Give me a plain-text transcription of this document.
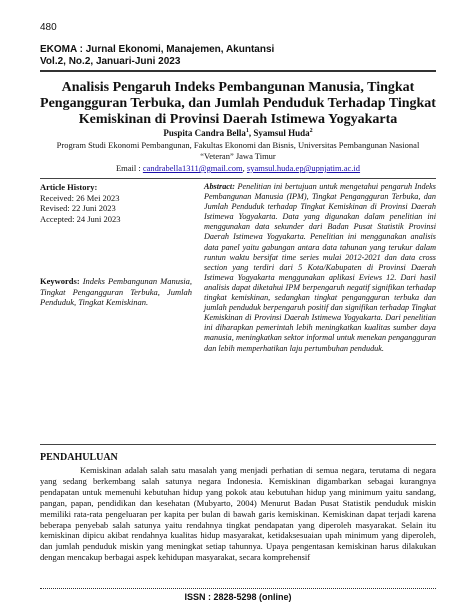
480
EKOMA : Jurnal Ekonomi, Manajemen, Akuntansi
Vol.2, No.2, Januari-Juni 2023
Analisis Pengaruh Indeks Pembangunan Manusia, Tingkat Pengangguran Terbuka, dan Jumlah Penduduk Terhadap Tingkat Kemiskinan di Provinsi Daerah Istimewa Yogyakarta
Puspita Candra Bella$^1$, Syamsul Huda$^2$
Program Studi Ekonomi Pembangunan, Fakultas Ekonomi dan Bisnis, Universitas Pembangunan Nasional “Veteran” Jawa Timur
Email : candrabella1311@gmail.com, syamsul.huda.ep@upnjatim.ac.id
Article History:
Received: 26 Mei 2023
Revised: 22 Juni 2023
Accepted: 24 Juni 2023
Keywords: Indeks Pembangunan Manusia, Tingkat Pengangguran Terbuka, Jumlah Penduduk, Tingkat Kemiskinan.
Abstract: Penelitian ini bertujuan untuk mengetahui pengaruh Indeks Pembangunan Manusia (IPM), Tingkat Pengangguran Terbuka, dan Jumlah Penduduk terhadap Tingkat Kemiskinan di Provinsi Daerah Istimewa Yogyakarta. Data yang digunakan dalam penelitian ini menggunakan data sekunder dari Badan Pusat Statistik Provinsi Daerah Istimewa Yogyakarta. Penelitian ini menggunakan analisis data panel yaitu gabungan antara data tahunan yang terukur dalam runtun waktu bersifat time series mulai 2012-2021 dan data cross section yang terdiri dari 5 Kota/Kabupaten di Provinsi Daerah Istimewa Yogyakarta menggunakan aplikasi Eviews 12. Dari hasil analisis dapat diketahui IPM berpengaruh negatif signifikan terhadap tingkat kemiskinan, sedangkan tingkat pengangguran terbuka dan jumlah penduduk berpengaruh positif dan signifikan terhadap Tingkat Kemiskinan di Provinsi Daerah Istimewa Yogyakarta. Dari penelitian ini diharapkan pemerintah lebih meningkatkan kualitas sumber daya manusia, meningkatkan sektor informal untuk menekan pengangguran dan lebih memperhatikan laju pertumbuhan penduduk.
PENDAHULUAN

Kemiskinan adalah salah satu masalah yang menjadi perhatian di semua negara, terutama di negara yang sedang berkembang salah satunya negara Indonesia. Kemiskinan digambarkan sebagai kurangnya pendapatan untuk memenuhi kebutuhan hidup yang pokok atau kebutuhan hidup yang minimum yaitu sandang, pangan, papan, pendidikan dan kesehatan (Mubyarto, 2004) Menurut Badan Pusat Statistik penduduk miskin memiliki rata-rata pengeluaran per kapita per bulan di bawah garis kemiskinan. Kemiskinan dapat terjadi karena beberapa penyebab salah satunya yaitu rendahnya tingkat pendapatan yang diperoleh masyarakat. Selain itu kemiskinan dipicu akibat rendahnya kualitas hidup masyarakat, ketidaksesuaian upah minimum yang diperoleh, dan jumlah penduduk miskin yang meningkat setiap tahunnya. Upaya pengentasan kemiskinan harus dilakukan dengan mencakup berbagai aspek kehidupan masyarakat, secara komprehensif

ISSN : 2828-5298 (online)
